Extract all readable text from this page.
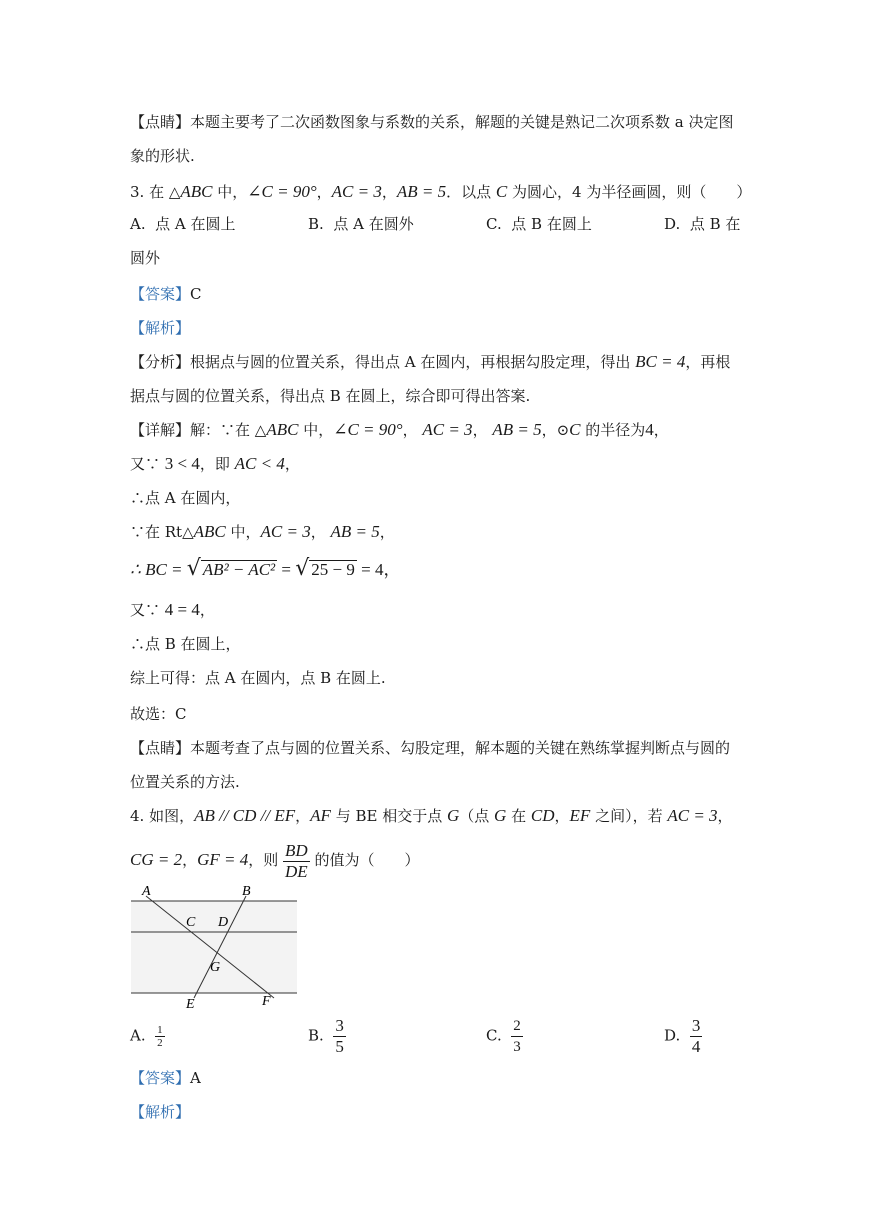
【点睛】本题主要考了二次函数图象与系数的关系，解题的关键是熟记二次项系数 a 决定图
象的形状.
3. 在 △ABC 中，∠C = 90°，AC = 3，AB = 5．以点 C 为圆心，4 为半径画圆，则（　　）
A. 点 A 在圆上	B. 点 A 在圆外	C. 点 B 在圆上	D. 点 B 在
圆外
【答案】C
【解析】
【分析】根据点与圆的位置关系，得出点 A 在圆内，再根据勾股定理，得出 BC = 4，再根
据点与圆的位置关系，得出点 B 在圆上，综合即可得出答案.
【详解】解：∵在 △ABC 中，∠C = 90°， AC = 3， AB = 5，⊙C 的半径为4，
又∵ 3 < 4，即 AC < 4，
∴点 A 在圆内，
∵在 Rt△ABC 中，AC = 3， AB = 5，
∴ BC = √ AB² − AC² = √ 25 − 9 = 4，
又∵ 4 = 4，
∴点 B 在圆上，
综上可得：点 A 在圆内，点 B 在圆上.
故选：C
【点睛】本题考查了点与圆的位置关系、勾股定理，解本题的关键在熟练掌握判断点与圆的
位置关系的方法.
4. 如图，AB // CD // EF，AF 与 BE 相交于点 G（点 G 在 CD，EF 之间），若 AC = 3，
CG = 2，GF = 4，则 $\frac{BD}{DE}$ 的值为（　　）
A	B
C D
G
E	F
A. $\frac{1}{2}$	B. $\frac{3}{5}$	C. $\frac{2}{3}$	D. $\frac{3}{4}$
【答案】A
【解析】
